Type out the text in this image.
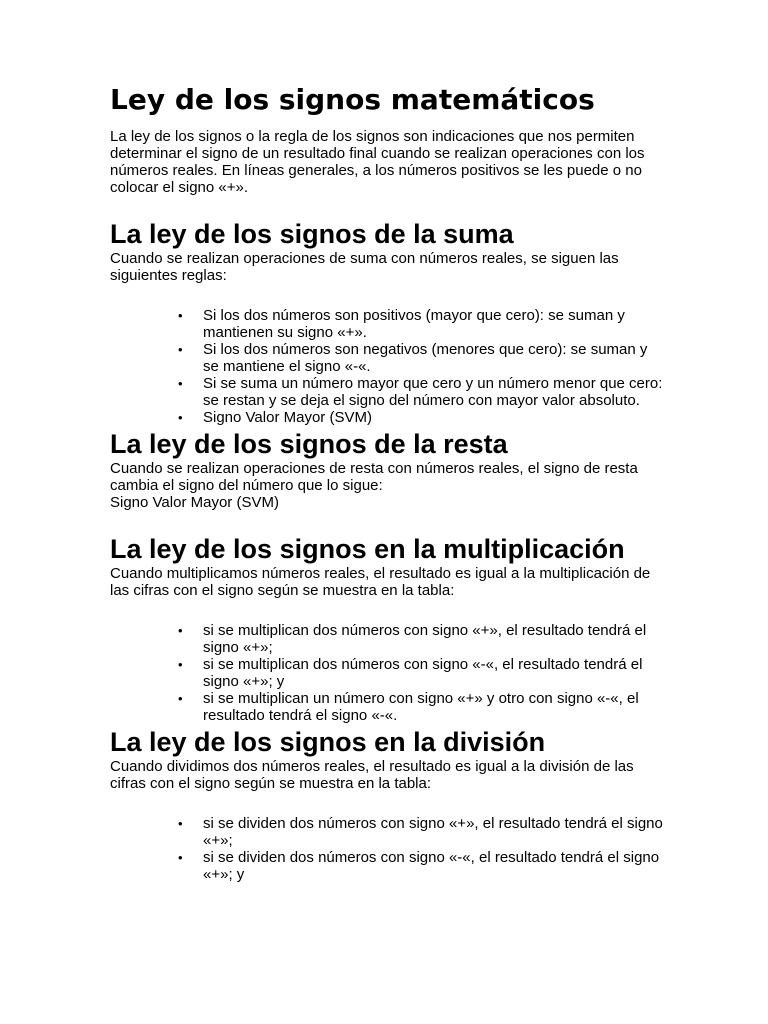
Ley de los signos matemáticos

La ley de los signos o la regla de los signos son indicaciones que nos permiten determinar el signo de un resultado final cuando se realizan operaciones con los números reales. En líneas generales, a los números positivos se les puede o no colocar el signo «+».

La ley de los signos de la suma

Cuando se realizan operaciones de suma con números reales, se siguen las siguientes reglas:

• Si los dos números son positivos (mayor que cero): se suman y mantienen su signo «+».
• Si los dos números son negativos (menores que cero): se suman y se mantiene el signo «-«.
• Si se suma un número mayor que cero y un número menor que cero: se restan y se deja el signo del número con mayor valor absoluto.
• Signo Valor Mayor (SVM)
La ley de los signos de la resta

Cuando se realizan operaciones de resta con números reales, el signo de resta cambia el signo del número que lo sigue:

Signo Valor Mayor (SVM)

La ley de los signos en la multiplicación

Cuando multiplicamos números reales, el resultado es igual a la multiplicación de las cifras con el signo según se muestra en la tabla:

• si se multiplican dos números con signo «+», el resultado tendrá el signo «+»;
• si se multiplican dos números con signo «-«, el resultado tendrá el signo «+»; y
• si se multiplican un número con signo «+» y otro con signo «-«, el resultado tendrá el signo «-«.
La ley de los signos en la división

Cuando dividimos dos números reales, el resultado es igual a la división de las cifras con el signo según se muestra en la tabla:

• si se dividen dos números con signo «+», el resultado tendrá el signo «+»;
• si se dividen dos números con signo «-«, el resultado tendrá el signo «+»; y
